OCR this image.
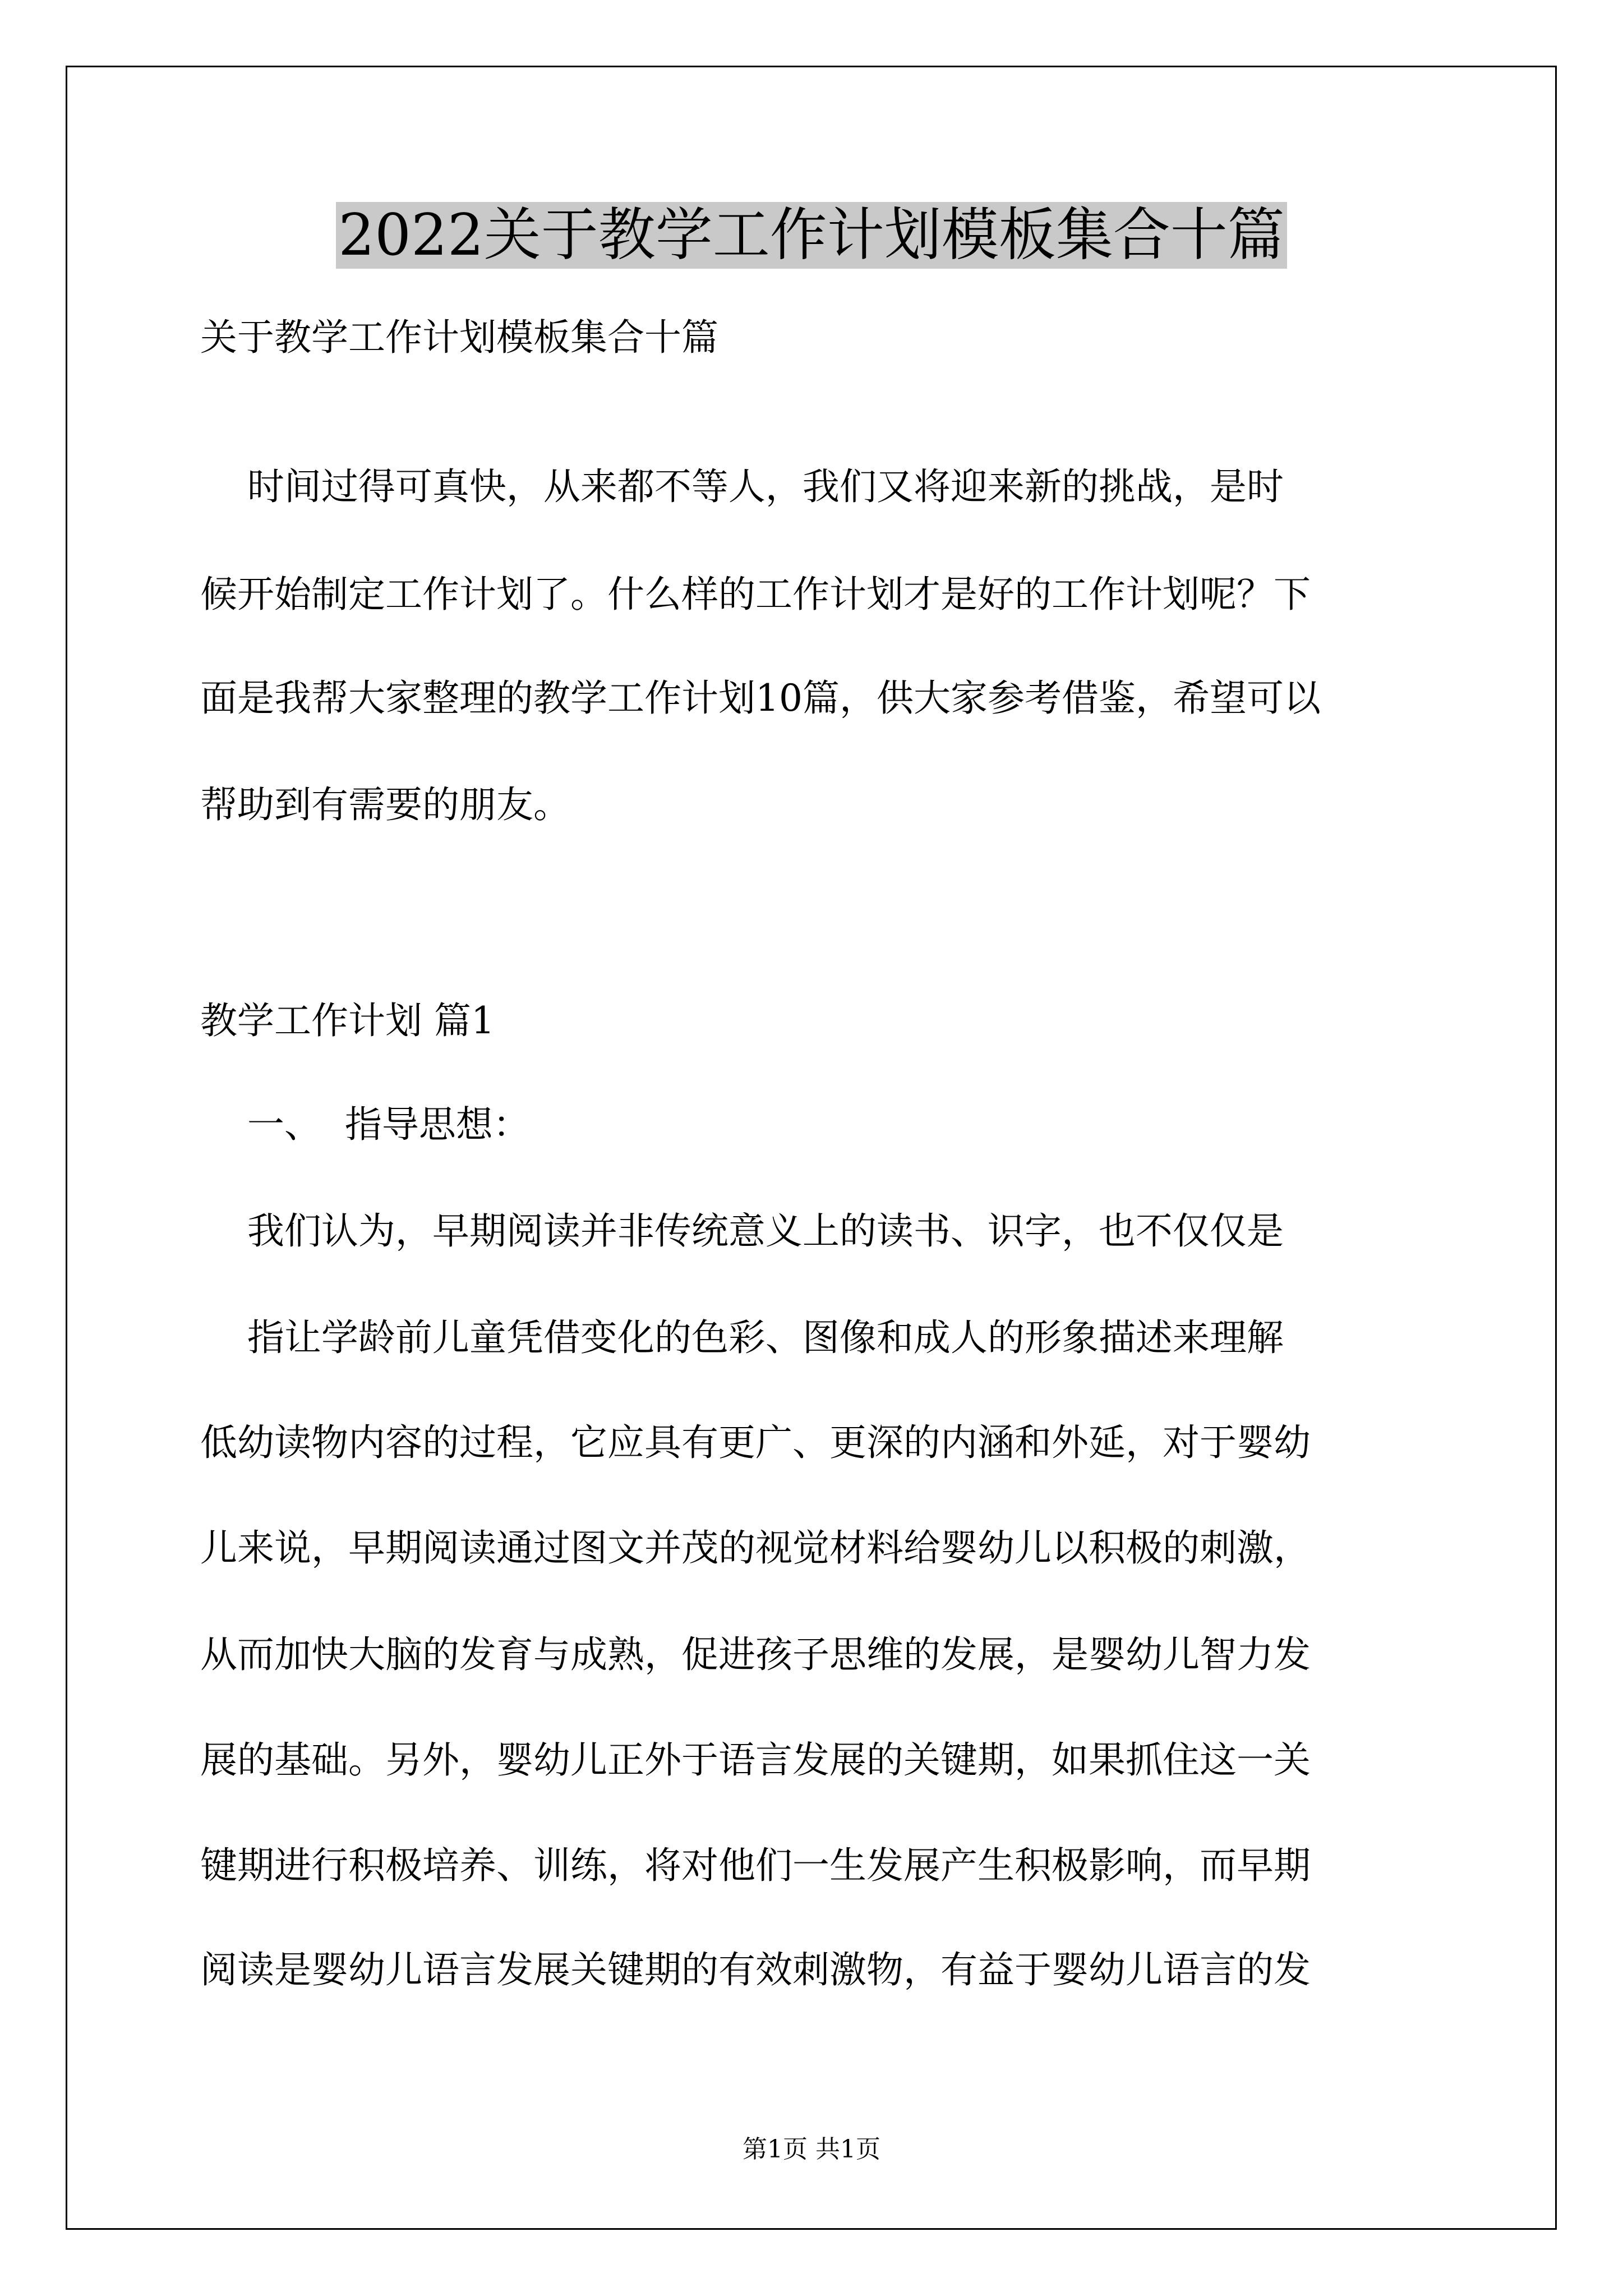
2022关于教学工作计划模板集合十篇
关于教学工作计划模板集合十篇
时间过得可真快，从来都不等人，我们又将迎来新的挑战，是时
候开始制定工作计划了。什么样的工作计划才是好的工作计划呢？下
面是我帮大家整理的教学工作计划10篇，供大家参考借鉴，希望可以
帮助到有需要的朋友。
教学工作计划 篇1
一、  指导思想：
我们认为，早期阅读并非传统意义上的读书、识字，也不仅仅是
指让学龄前儿童凭借变化的色彩、图像和成人的形象描述来理解
低幼读物内容的过程，它应具有更广、更深的内涵和外延，对于婴幼
儿来说，早期阅读通过图文并茂的视觉材料给婴幼儿以积极的刺激，
从而加快大脑的发育与成熟，促进孩子思维的发展，是婴幼儿智力发
展的基础。另外，婴幼儿正外于语言发展的关键期，如果抓住这一关
键期进行积极培养、训练，将对他们一生发展产生积极影响，而早期
阅读是婴幼儿语言发展关键期的有效刺激物，有益于婴幼儿语言的发
第1页 共1页
